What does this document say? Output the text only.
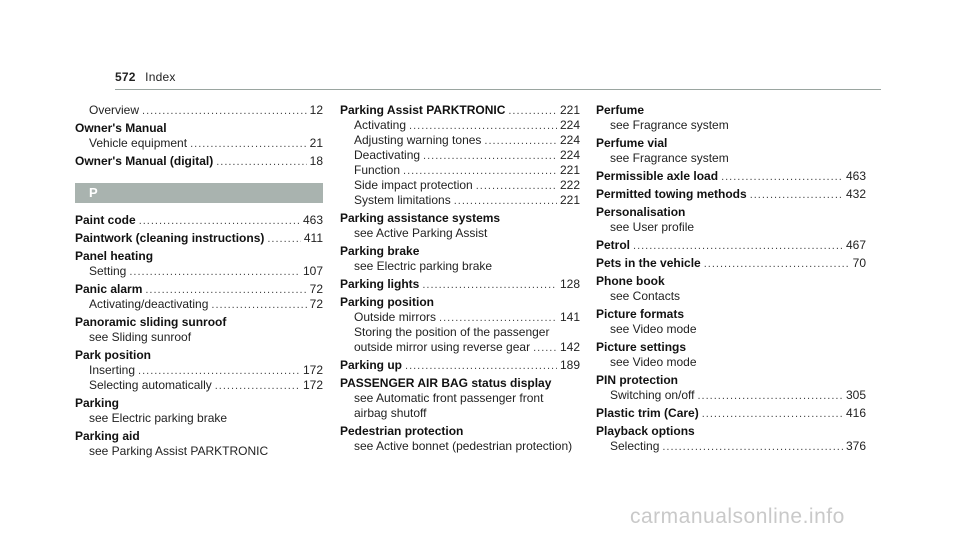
572 Index
Overview .....	12
Owner's Manual
Vehicle equipment .....	21
Owner's Manual (digital) .....	18
P
Paint code .....	463
Paintwork (cleaning instructions) .....	411
Panel heating
Setting .....	107
Panic alarm .....	72
Activating/deactivating .....	72
Panoramic sliding sunroof
see Sliding sunroof
Park position
Inserting .....	172
Selecting automatically .....	172
Parking
see Electric parking brake
Parking aid
see Parking Assist PARKTRONIC
Parking Assist PARKTRONIC .....	221
Activating .....	224
Adjusting warning tones .....	224
Deactivating .....	224
Function .....	221
Side impact protection .....	222
System limitations .....	221
Parking assistance systems
see Active Parking Assist
Parking brake
see Electric parking brake
Parking lights .....	128
Parking position
Outside mirrors .....	141
Storing the position of the passenger
outside mirror using reverse gear ..... 142
Parking up .....	189
PASSENGER AIR BAG status display
see Automatic front passenger front
airbag shutoff
Pedestrian protection
see Active bonnet (pedestrian protection)
Perfume
see Fragrance system
Perfume vial
see Fragrance system
Permissible axle load .....	463
Permitted towing methods .....	432
Personalisation
see User profile
Petrol .....	467
Pets in the vehicle .....	70
Phone book
see Contacts
Picture formats
see Video mode
Picture settings
see Video mode
PIN protection
Switching on/off .....	305
Plastic trim (Care) .....	416
Playback options
Selecting .....	376
carmanualsonline.info
